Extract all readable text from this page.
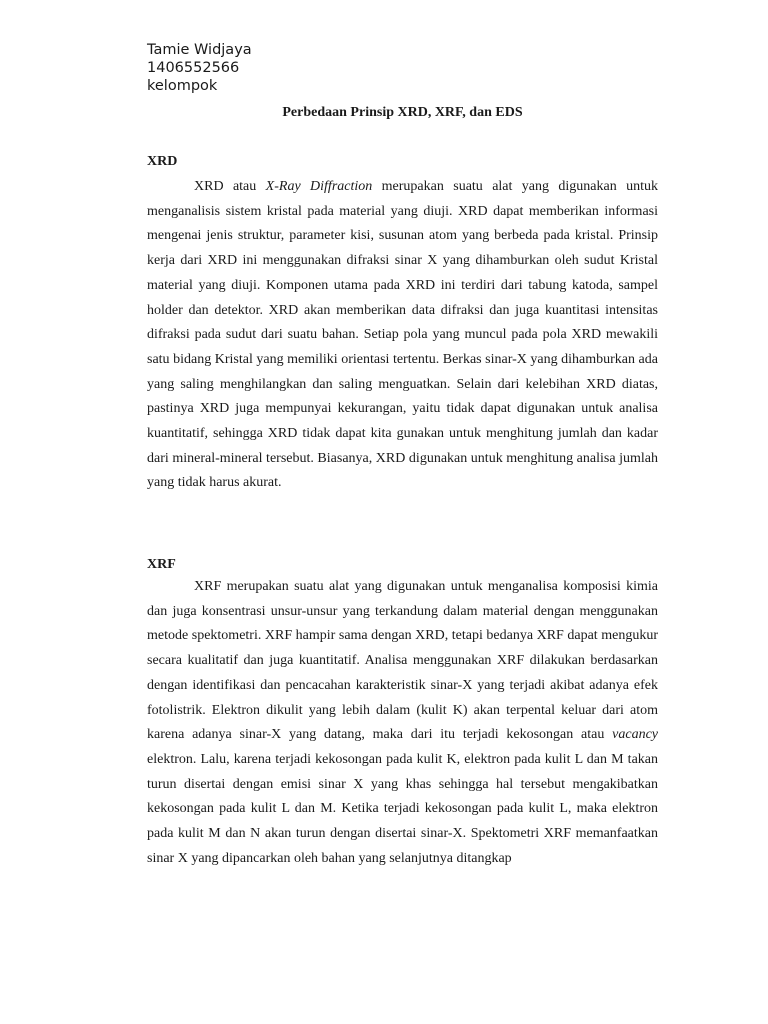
Tamie Widjaya
1406552566
kelompok
Perbedaan Prinsip XRD, XRF, dan EDS
XRD

XRD atau X-Ray Diffraction merupakan suatu alat yang digunakan untuk menganalisis sistem kristal pada material yang diuji. XRD dapat memberikan informasi mengenai jenis struktur, parameter kisi, susunan atom yang berbeda pada kristal. Prinsip kerja dari XRD ini menggunakan difraksi sinar X yang dihamburkan oleh sudut Kristal material yang diuji. Komponen utama pada XRD ini terdiri dari tabung katoda, sampel holder dan detektor. XRD akan memberikan data difraksi dan juga kuantitasi intensitas difraksi pada sudut dari suatu bahan. Setiap pola yang muncul pada pola XRD mewakili satu bidang Kristal yang memiliki orientasi tertentu. Berkas sinar-X yang dihamburkan ada yang saling menghilangkan dan saling menguatkan. Selain dari kelebihan XRD diatas, pastinya XRD juga mempunyai kekurangan, yaitu tidak dapat digunakan untuk analisa kuantitatif, sehingga XRD tidak dapat kita gunakan untuk menghitung jumlah dan kadar dari mineral-mineral tersebut. Biasanya, XRD digunakan untuk menghitung analisa jumlah yang tidak harus akurat.

XRF

XRF merupakan suatu alat yang digunakan untuk menganalisa komposisi kimia dan juga konsentrasi unsur-unsur yang terkandung dalam material dengan menggunakan metode spektometri. XRF hampir sama dengan XRD, tetapi bedanya XRF dapat mengukur secara kualitatif dan juga kuantitatif. Analisa menggunakan XRF dilakukan berdasarkan dengan identifikasi dan pencacahan karakteristik sinar-X yang terjadi akibat adanya efek fotolistrik. Elektron dikulit yang lebih dalam (kulit K) akan terpental keluar dari atom karena adanya sinar-X yang datang, maka dari itu terjadi kekosongan atau vacancy elektron. Lalu, karena terjadi kekosongan pada kulit K, elektron pada kulit L dan M takan turun disertai dengan emisi sinar X yang khas sehingga hal tersebut mengakibatkan kekosongan pada kulit L dan M. Ketika terjadi kekosongan pada kulit L, maka elektron pada kulit M dan N akan turun dengan disertai sinar-X. Spektometri XRF memanfaatkan sinar X yang dipancarkan oleh bahan yang selanjutnya ditangkap
